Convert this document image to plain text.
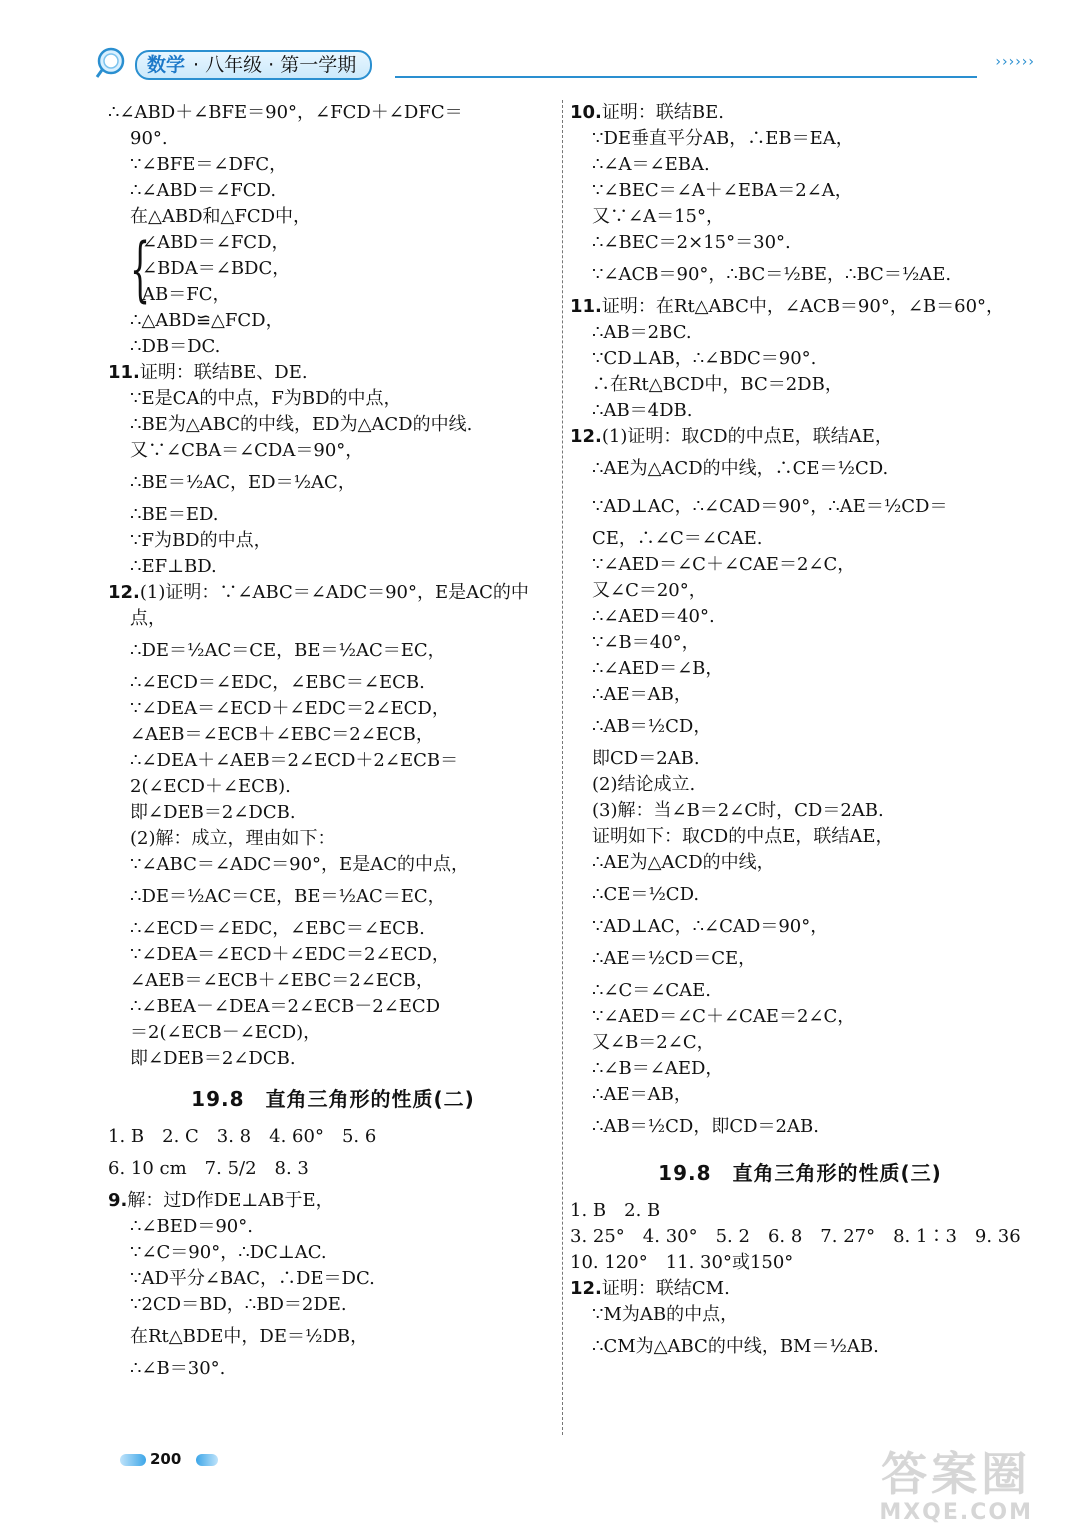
数学 · 八年级 · 第一学期	››››››
∴∠ABD＋∠BFE＝90°，∠FCD＋∠DFC＝
90°.
∵∠BFE＝∠DFC，
∴∠ABD＝∠FCD.
在△ABD和△FCD中，
{
∠ABD＝∠FCD，
∠BDA＝∠BDC，
AB＝FC，
∴△ABD≌△FCD，
∴DB＝DC.
11.证明：联结BE、DE.
∵E是CA的中点，F为BD的中点，
∴BE为△ABC的中线，ED为△ACD的中线.
又∵∠CBA＝∠CDA＝90°，
∴BE＝½AC，ED＝½AC，
∴BE＝ED.
∵F为BD的中点，
∴EF⊥BD.
12.(1)证明：∵∠ABC＝∠ADC＝90°，E是AC的中
点，
∴DE＝½AC＝CE，BE＝½AC＝EC，
∴∠ECD＝∠EDC，∠EBC＝∠ECB.
∵∠DEA＝∠ECD＋∠EDC＝2∠ECD，
∠AEB＝∠ECB＋∠EBC＝2∠ECB，
∴∠DEA＋∠AEB＝2∠ECD＋2∠ECB＝
2(∠ECD＋∠ECB).
即∠DEB＝2∠DCB.
(2)解：成立，理由如下：
∵∠ABC＝∠ADC＝90°，E是AC的中点，
∴DE＝½AC＝CE，BE＝½AC＝EC，
∴∠ECD＝∠EDC，∠EBC＝∠ECB.
∵∠DEA＝∠ECD＋∠EDC＝2∠ECD，
∠AEB＝∠ECB＋∠EBC＝2∠ECB，
∴∠BEA－∠DEA＝2∠ECB－2∠ECD
＝2(∠ECB－∠ECD)，
即∠DEB＝2∠DCB.
19.8　直角三角形的性质(二)
1. B　2. C　3. 8　4. 60°　5. 6
6. 10 cm　7. 5/2　8. 3
9.解：过D作DE⊥AB于E，
∴∠BED＝90°.
∵∠C＝90°，∴DC⊥AC.
∵AD平分∠BAC，∴DE＝DC.
∵2CD＝BD，∴BD＝2DE.
在Rt△BDE中，DE＝½DB，
∴∠B＝30°.
10.证明：联结BE.
∵DE垂直平分AB，∴EB＝EA，
∴∠A＝∠EBA.
∵∠BEC＝∠A＋∠EBA＝2∠A，
又∵∠A＝15°，
∴∠BEC＝2×15°＝30°.
∵∠ACB＝90°，∴BC＝½BE，∴BC＝½AE.
11.证明：在Rt△ABC中，∠ACB＝90°，∠B＝60°，
∴AB＝2BC.
∵CD⊥AB，∴∠BDC＝90°.
∴在Rt△BCD中，BC＝2DB，
∴AB＝4DB.
12.(1)证明：取CD的中点E，联结AE，
∴AE为△ACD的中线，∴CE＝½CD.
∵AD⊥AC，∴∠CAD＝90°，∴AE＝½CD＝
CE，∴∠C＝∠CAE.
∵∠AED＝∠C＋∠CAE＝2∠C，
又∠C＝20°，
∴∠AED＝40°.
∵∠B＝40°，
∴∠AED＝∠B，
∴AE＝AB，
∴AB＝½CD，
即CD＝2AB.
(2)结论成立.
(3)解：当∠B＝2∠C时，CD＝2AB.
证明如下：取CD的中点E，联结AE，
∴AE为△ACD的中线，
∴CE＝½CD.
∵AD⊥AC，∴∠CAD＝90°，
∴AE＝½CD＝CE，
∴∠C＝∠CAE.
∵∠AED＝∠C＋∠CAE＝2∠C，
又∠B＝2∠C，
∴∠B＝∠AED，
∴AE＝AB，
∴AB＝½CD，即CD＝2AB.
19.8　直角三角形的性质(三)
1. B　2. B
3. 25°　4. 30°　5. 2　6. 8　7. 27°　8. 1∶3　9. 36
10. 120°　11. 30°或150°
12.证明：联结CM.
∵M为AB的中点，
∴CM为△ABC的中线，BM＝½AB.
200	答案圈
MXQE.COM
